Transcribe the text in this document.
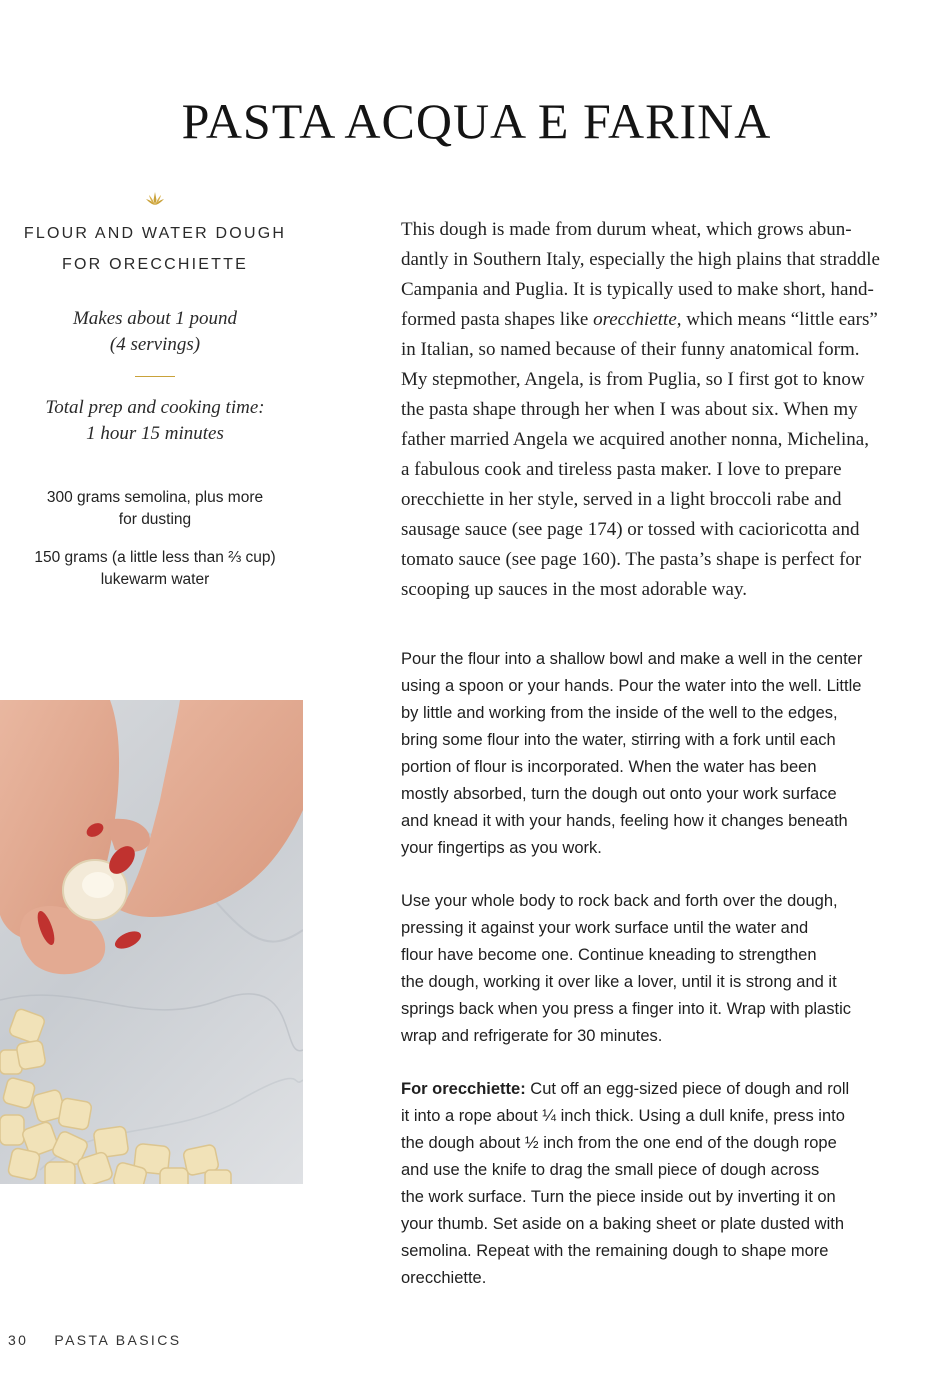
PASTA ACQUA E FARINA
FLOUR AND WATER DOUGH
FOR ORECCHIETTE
Makes about 1 pound
(4 servings)
Total prep and cooking time:
1 hour 15 minutes
300 grams semolina, plus more
for dusting
150 grams (a little less than ⅔ cup)
lukewarm water

This dough is made from durum wheat, which grows abun-
dantly in Southern Italy, especially the high plains that straddle
Campania and Puglia. It is typically used to make short, hand-
formed pasta shapes like orecchiette, which means “little ears”
in Italian, so named because of their funny anatomical form.
My stepmother, Angela, is from Puglia, so I first got to know
the pasta shape through her when I was about six. When my
father married Angela we acquired another nonna, Michelina,
a fabulous cook and tireless pasta maker. I love to prepare
orecchiette in her style, served in a light broccoli rabe and
sausage sauce (see page 174) or tossed with cacioricotta and
tomato sauce (see page 160). The pasta’s shape is perfect for
scooping up sauces in the most adorable way.

Pour the flour into a shallow bowl and make a well in the center
using a spoon or your hands. Pour the water into the well. Little
by little and working from the inside of the well to the edges,
bring some flour into the water, stirring with a fork until each
portion of flour is incorporated. When the water has been
mostly absorbed, turn the dough out onto your work surface
and knead it with your hands, feeling how it changes beneath
your fingertips as you work.

Use your whole body to rock back and forth over the dough,
pressing it against your work surface until the water and
flour have become one. Continue kneading to strengthen
the dough, working it over like a lover, until it is strong and it
springs back when you press a finger into it. Wrap with plastic
wrap and refrigerate for 30 minutes.

For orecchiette: Cut off an egg-sized piece of dough and roll
it into a rope about ¼ inch thick. Using a dull knife, press into
the dough about ½ inch from the one end of the dough rope
and use the knife to drag the small piece of dough across
the work surface. Turn the piece inside out by inverting it on
your thumb. Set aside on a baking sheet or plate dusted with
semolina. Repeat with the remaining dough to shape more
orecchiette.

30 PASTA BASICS
